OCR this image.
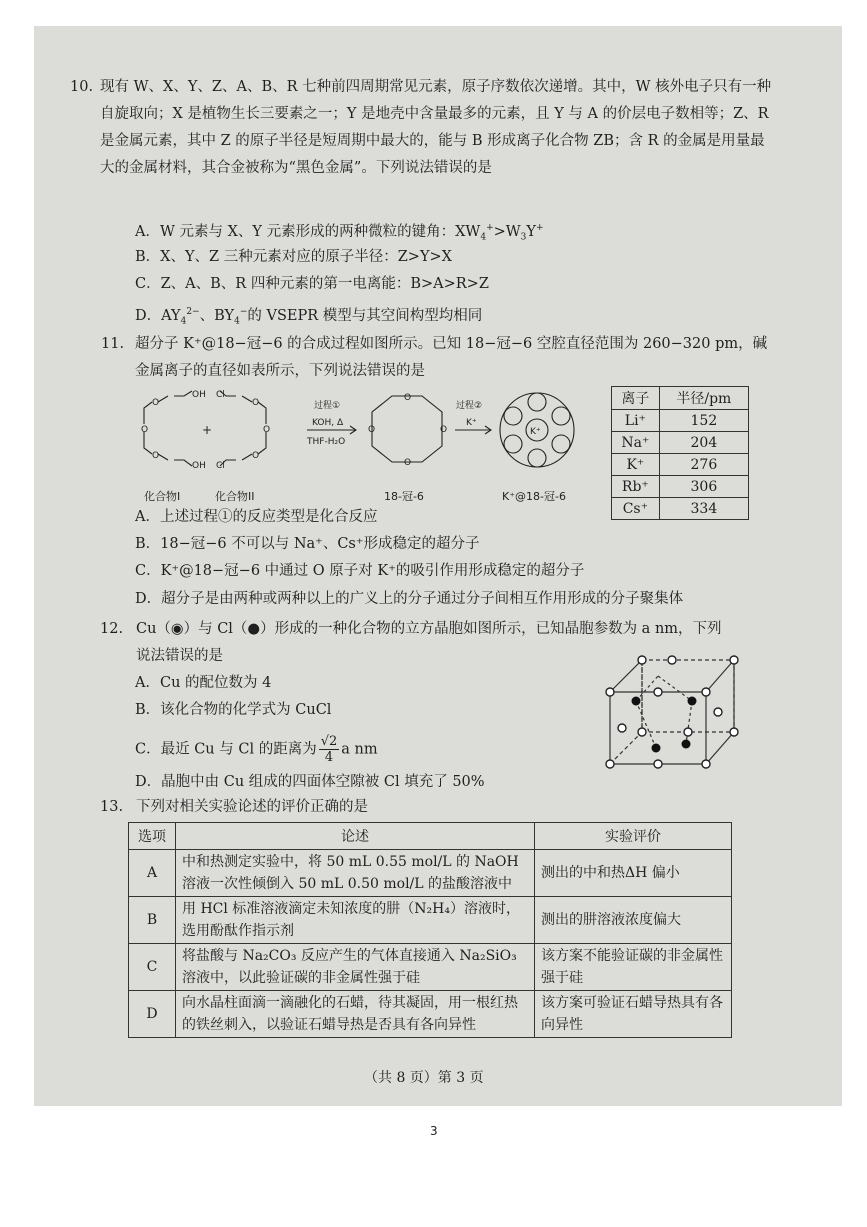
10. 现有 W、X、Y、Z、A、B、R 七种前四周期常见元素，原子序数依次递增。其中，W 核外电子只有一种自旋取向；X 是植物生长三要素之一；Y 是地壳中含量最多的元素，且 Y 与 A 的价层电子数相等；Z、R 是金属元素，其中 Z 的原子半径是短周期中最大的，能与 B 形成离子化合物 ZB；含 R 的金属是用量最大的金属材料，其合金被称为“黑色金属”。下列说法错误的是
A．W 元素与 X、Y 元素形成的两种微粒的键角：$XW_4^+>W_3Y^+$
B．X、Y、Z 三种元素对应的原子半径：Z>Y>X
C．Z、A、B、R 四种元素的第一电离能：B>A>R>Z
D．$AY_4^{2-}$、$BY_4^-$的 VSEPR 模型与其空间构型均相同
11. 超分子 K⁺@18−冠−6 的合成过程如图所示。已知 18−冠−6 空腔直径范围为 260−320 pm，碱金属离子的直径如表所示，下列说法错误的是
OH
OH
O
O
O
Cl
Cl
O
O
O
+
过程①
KOH, Δ
THF-H₂O
过程②
K⁺
O
O
O	O	K⁺
化合物I	化合物II	18-冠-6	K⁺@18-冠-6
离子	半径/pm
Li⁺	152
Na⁺	204
K⁺	276
Rb⁺	306
Cs⁺	334
A．上述过程①的反应类型是化合反应
B．18−冠−6 不可以与 Na⁺、Cs⁺形成稳定的超分子
C．K⁺@18−冠−6 中通过 O 原子对 K⁺的吸引作用形成稳定的超分子
D．超分子是由两种或两种以上的广义上的分子通过分子间相互作用形成的分子聚集体
12. Cu（◉）与 Cl（●）形成的一种化合物的立方晶胞如图所示，已知晶胞参数为 a nm，下列
说法错误的是
A．Cu 的配位数为 4
B．该化合物的化学式为 CuCl
C．最近 Cu 与 Cl 的距离为 $\frac{√2}{4}$ a nm
D．晶胞中由 Cu 组成的四面体空隙被 Cl 填充了 50%
13. 下列对相关实验论述的评价正确的是
选项	论述	实验评价
A	中和热测定实验中，将 50 mL 0.55 mol/L 的 NaOH 溶液一次性倾倒入 50 mL 0.50 mol/L 的盐酸溶液中	测出的中和热ΔH 偏小
B	用 HCl 标准溶液滴定未知浓度的肼（N₂H₄）溶液时，选用酚酞作指示剂	测出的肼溶液浓度偏大
C	将盐酸与 Na₂CO₃ 反应产生的气体直接通入 Na₂SiO₃ 溶液中，以此验证碳的非金属性强于硅	该方案不能验证碳的非金属性强于硅
D	向水晶柱面滴一滴融化的石蜡，待其凝固，用一根红热的铁丝刺入，以验证石蜡导热是否具有各向异性	该方案可验证石蜡导热具有各向异性
（共 8 页）第 3 页
3
